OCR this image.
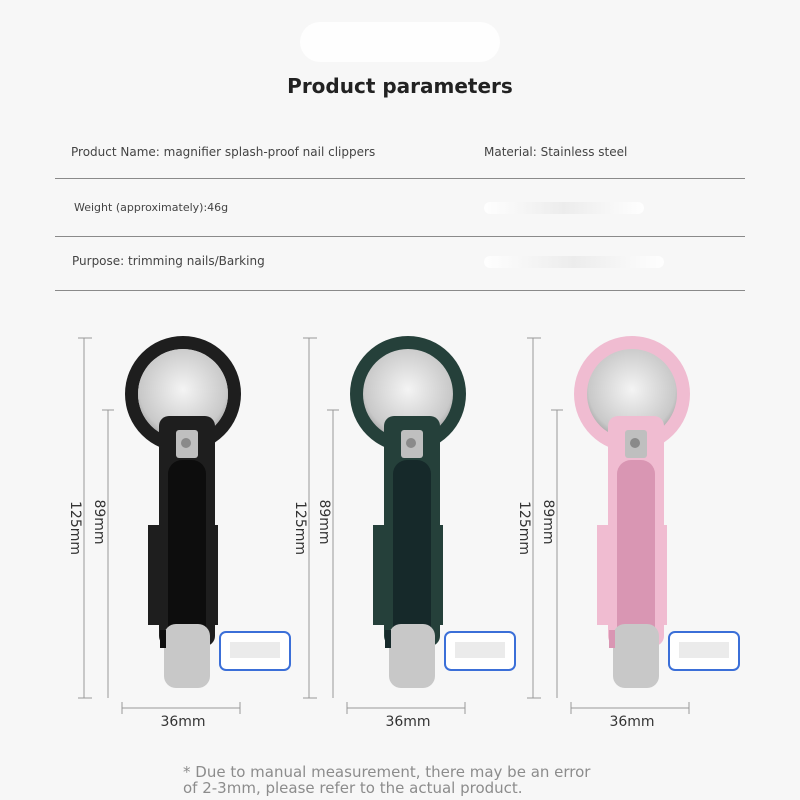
Product parameters
Product Name: magnifier splash-proof nail clippers	Material: Stainless steel
Weight (approximately):46g
Purpose: trimming nails/Barking
125mm 89mm
36mm
125mm 89mm
36mm
125mm 89mm
36mm
* Due to manual measurement, there may be an error
of 2-3mm, please refer to the actual product.
